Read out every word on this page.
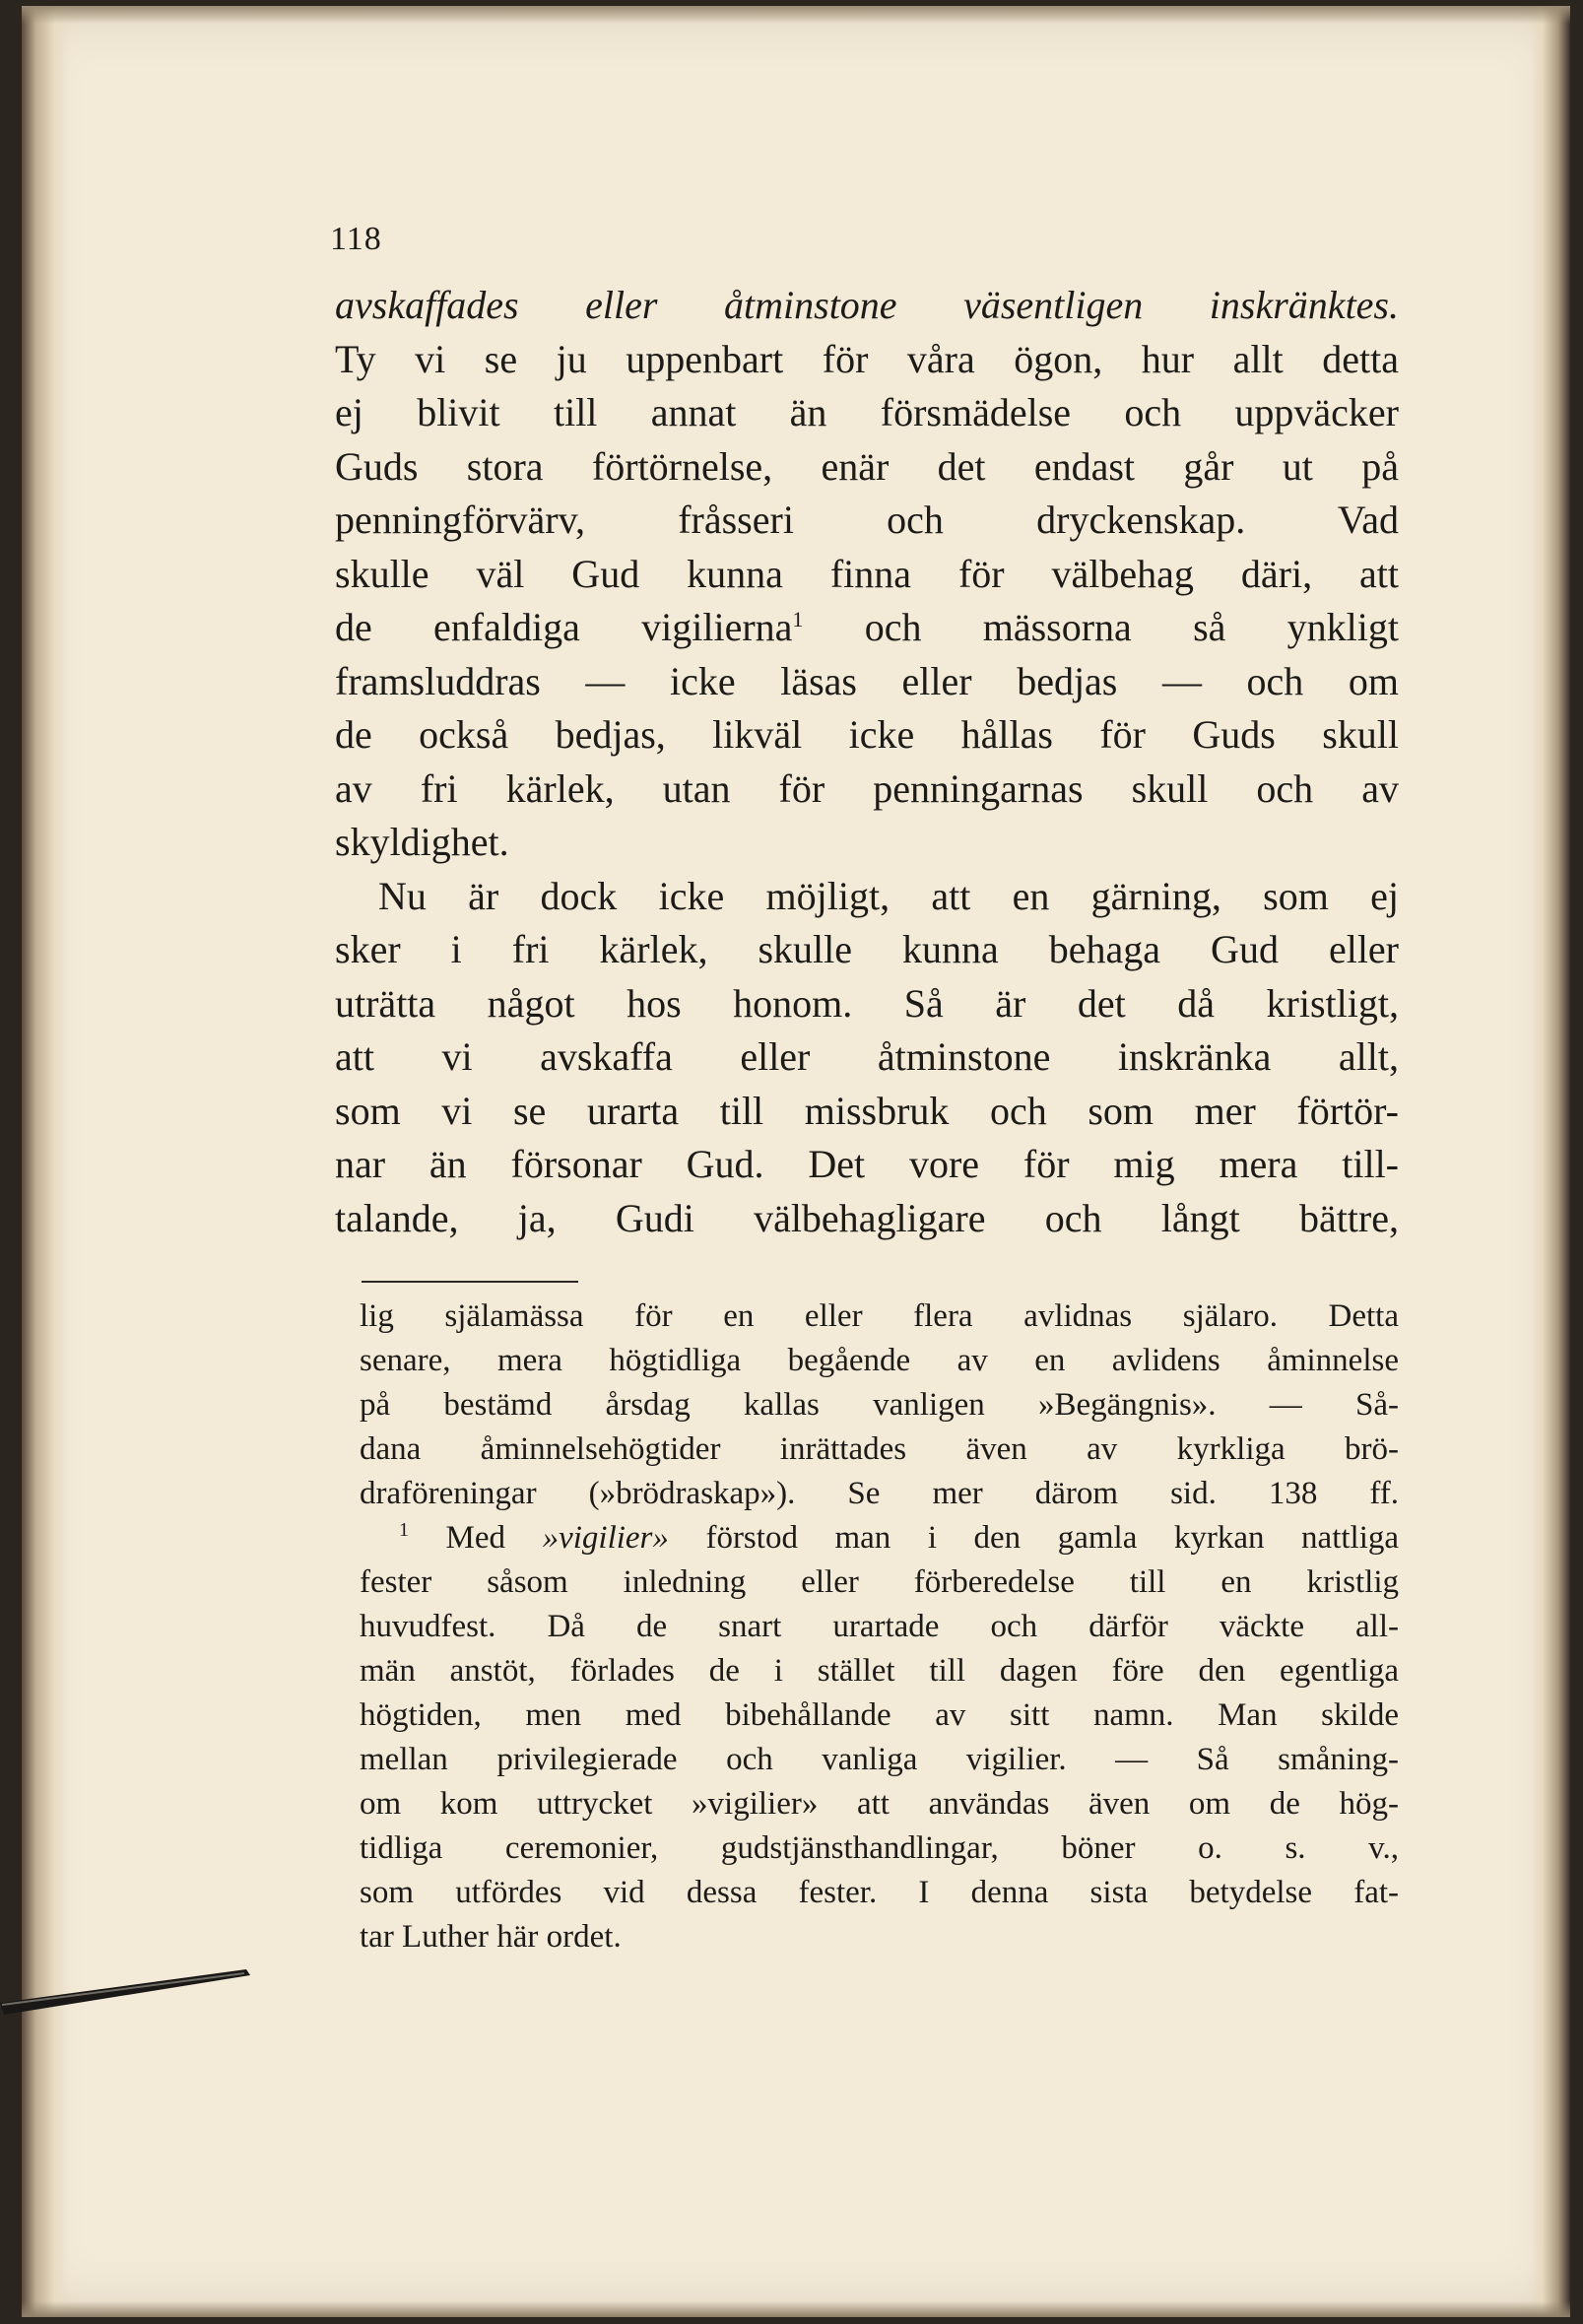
118
avskaffades eller åtminstone väsentligen inskränktes.
Ty vi se ju uppenbart för våra ögon, hur allt detta
ej blivit till annat än försmädelse och uppväcker
Guds stora förtörnelse, enär det endast går ut på
penningförvärv, fråsseri och dryckenskap. Vad
skulle väl Gud kunna finna för välbehag däri, att
de enfaldiga vigilierna$^1$ och mässorna så ynkligt
framsluddras — icke läsas eller bedjas — och om
de också bedjas, likväl icke hållas för Guds skull
av fri kärlek, utan för penningarnas skull och av
skyldighet.
Nu är dock icke möjligt, att en gärning, som ej
sker i fri kärlek, skulle kunna behaga Gud eller
uträtta något hos honom. Så är det då kristligt,
att vi avskaffa eller åtminstone inskränka allt,
som vi se urarta till missbruk och som mer förtör-
nar än försonar Gud. Det vore för mig mera till-
talande, ja, Gudi välbehagligare och långt bättre,
lig själamässa för en eller flera avlidnas själaro. Detta
senare, mera högtidliga begående av en avlidens åminnelse
på bestämd årsdag kallas vanligen »Begängnis». — Så-
dana åminnelsehögtider inrättades även av kyrkliga brö-
draföreningar (»brödraskap»). Se mer därom sid. 138 ff.
$^1$ Med »vigilier» förstod man i den gamla kyrkan nattliga
fester såsom inledning eller förberedelse till en kristlig
huvudfest. Då de snart urartade och därför väckte all-
män anstöt, förlades de i stället till dagen före den egentliga
högtiden, men med bibehållande av sitt namn. Man skilde
mellan privilegierade och vanliga vigilier. — Så småning-
om kom uttrycket »vigilier» att användas även om de hög-
tidliga ceremonier, gudstjänsthandlingar, böner o. s. v.,
som utfördes vid dessa fester. I denna sista betydelse fat-
tar Luther här ordet.
